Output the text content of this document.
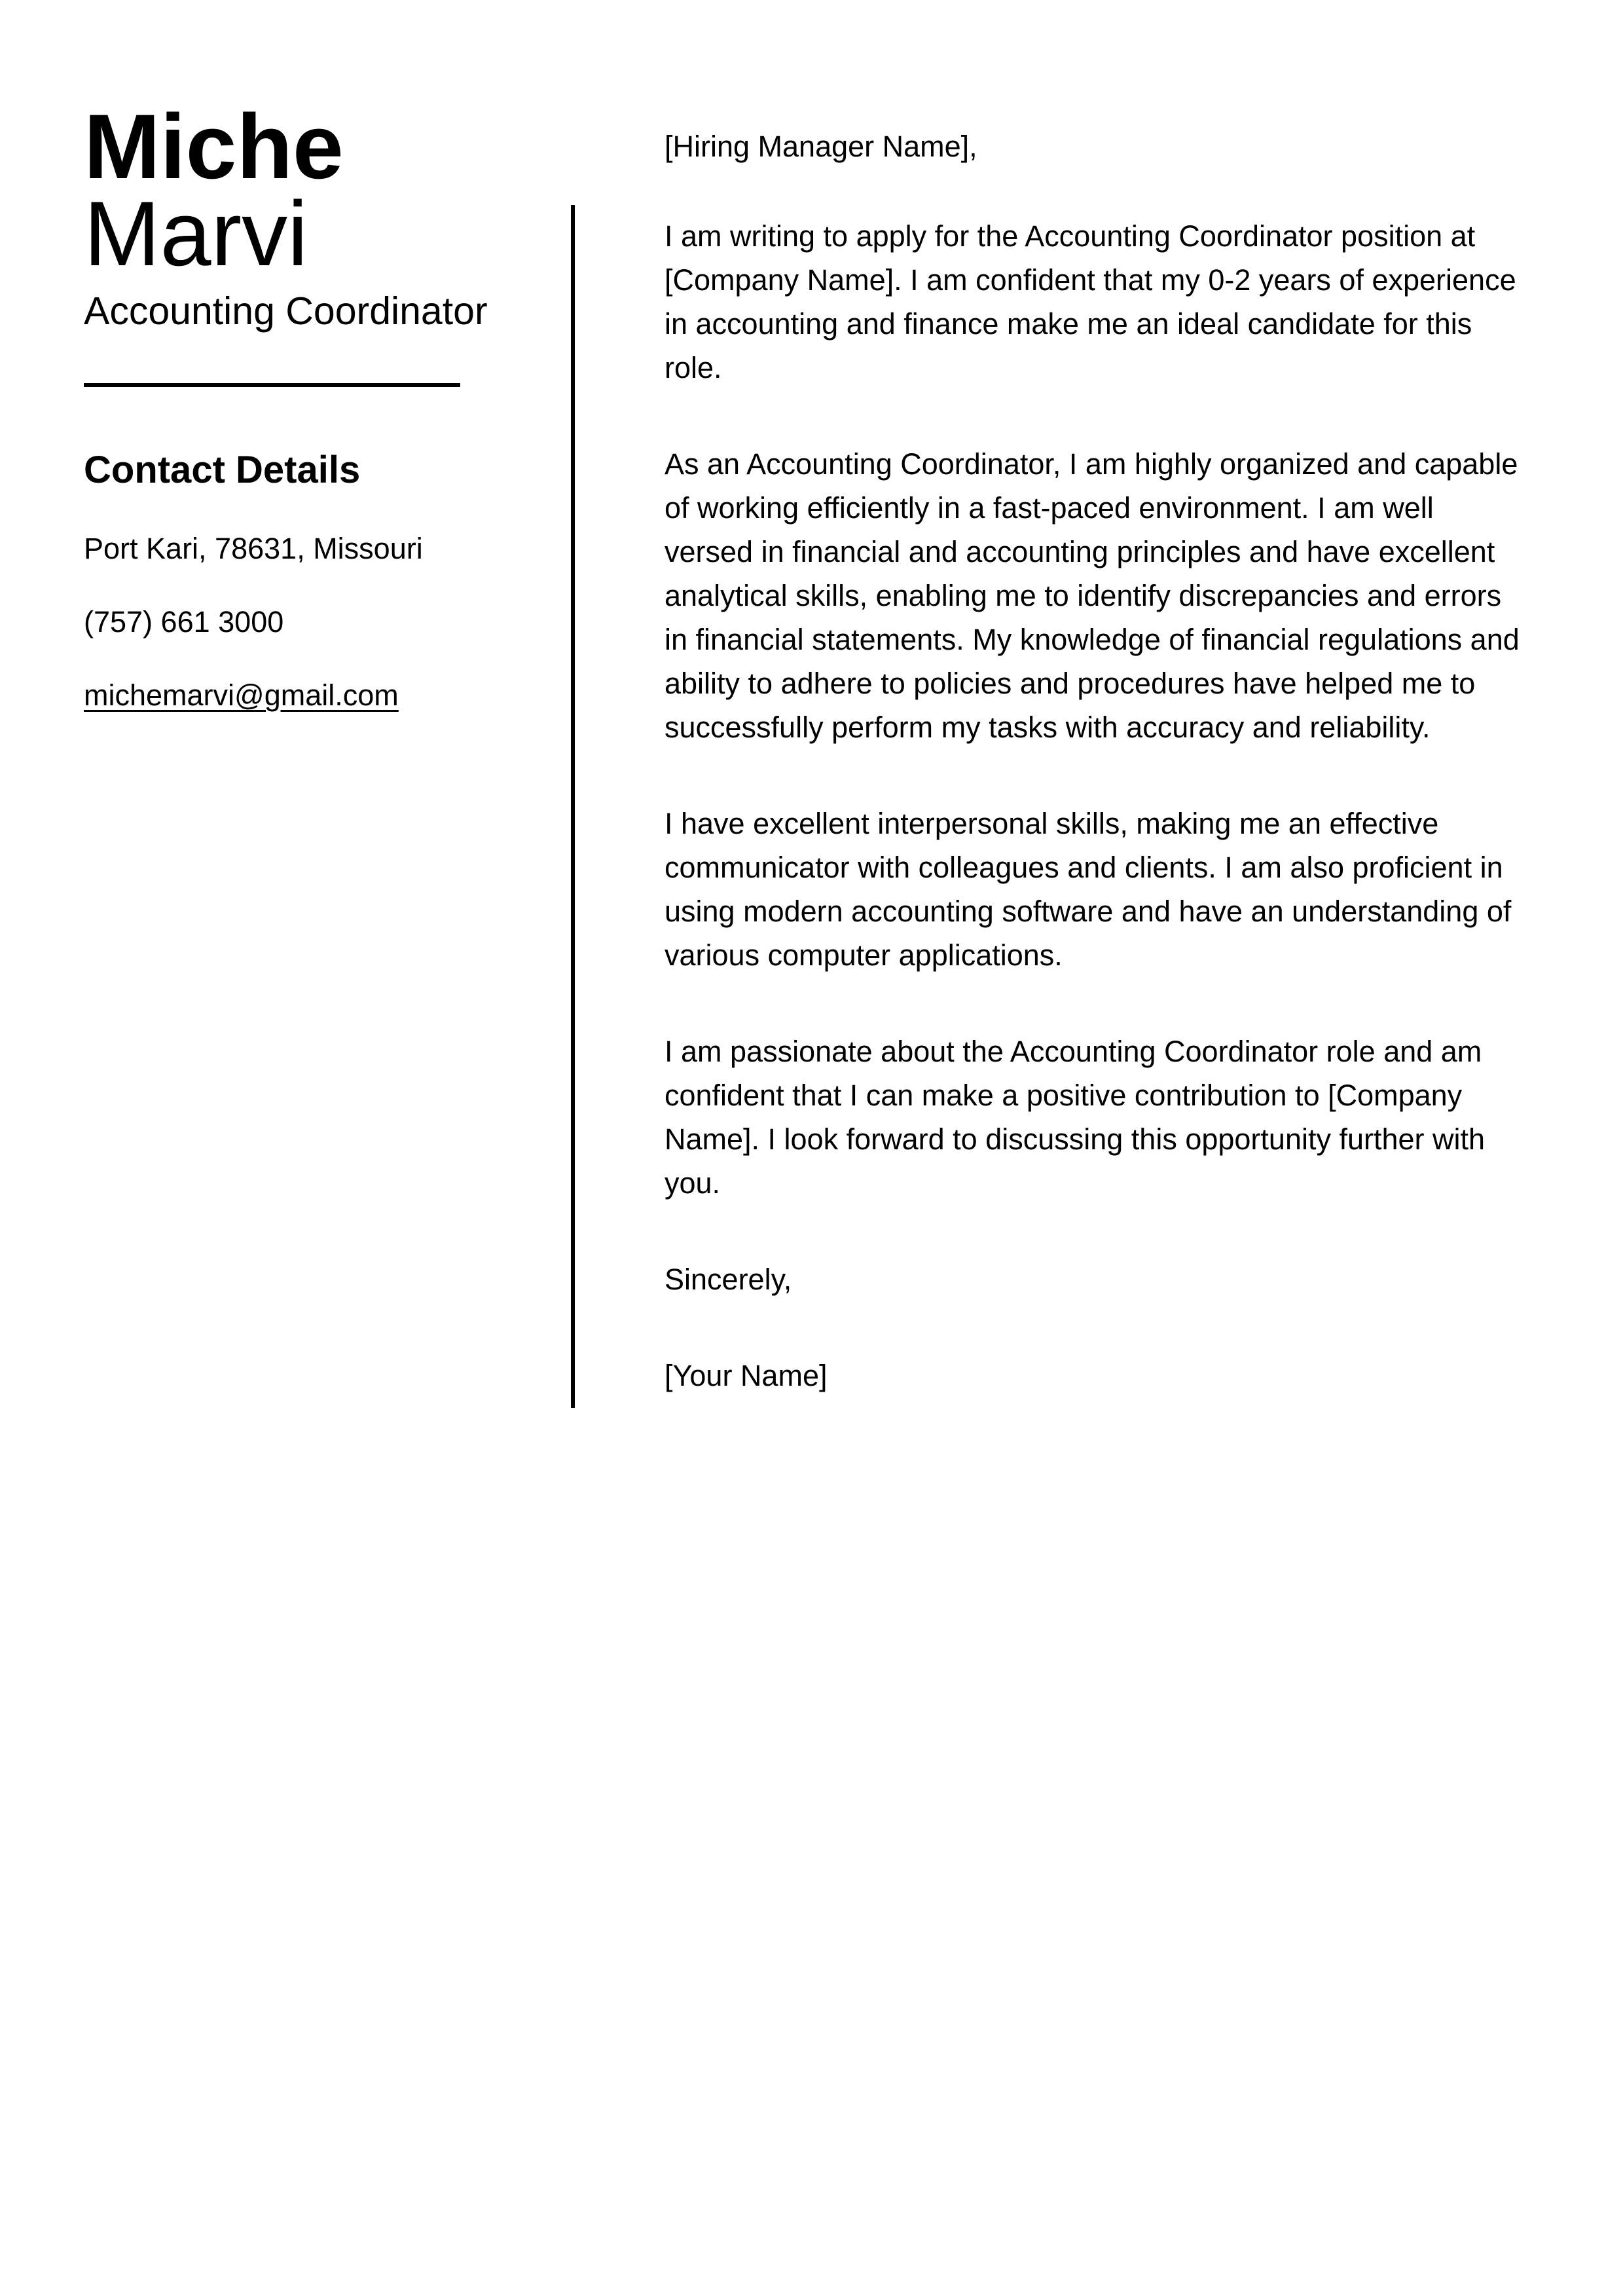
Miche Marvi
Accounting Coordinator
Contact Details
Port Kari, 78631, Missouri
(757) 661 3000
michemarvi@gmail.com
[Hiring Manager Name],

I am writing to apply for the Accounting Coordinator position at [Company Name]. I am confident that my 0-2 years of experience in accounting and finance make me an ideal candidate for this role.

As an Accounting Coordinator, I am highly organized and capable of working efficiently in a fast-paced environment. I am well versed in financial and accounting principles and have excellent analytical skills, enabling me to identify discrepancies and errors in financial statements. My knowledge of financial regulations and ability to adhere to policies and procedures have helped me to successfully perform my tasks with accuracy and reliability.

I have excellent interpersonal skills, making me an effective communicator with colleagues and clients. I am also proficient in using modern accounting software and have an understanding of various computer applications.

I am passionate about the Accounting Coordinator role and am confident that I can make a positive contribution to [Company Name]. I look forward to discussing this opportunity further with you.

Sincerely,

[Your Name]
